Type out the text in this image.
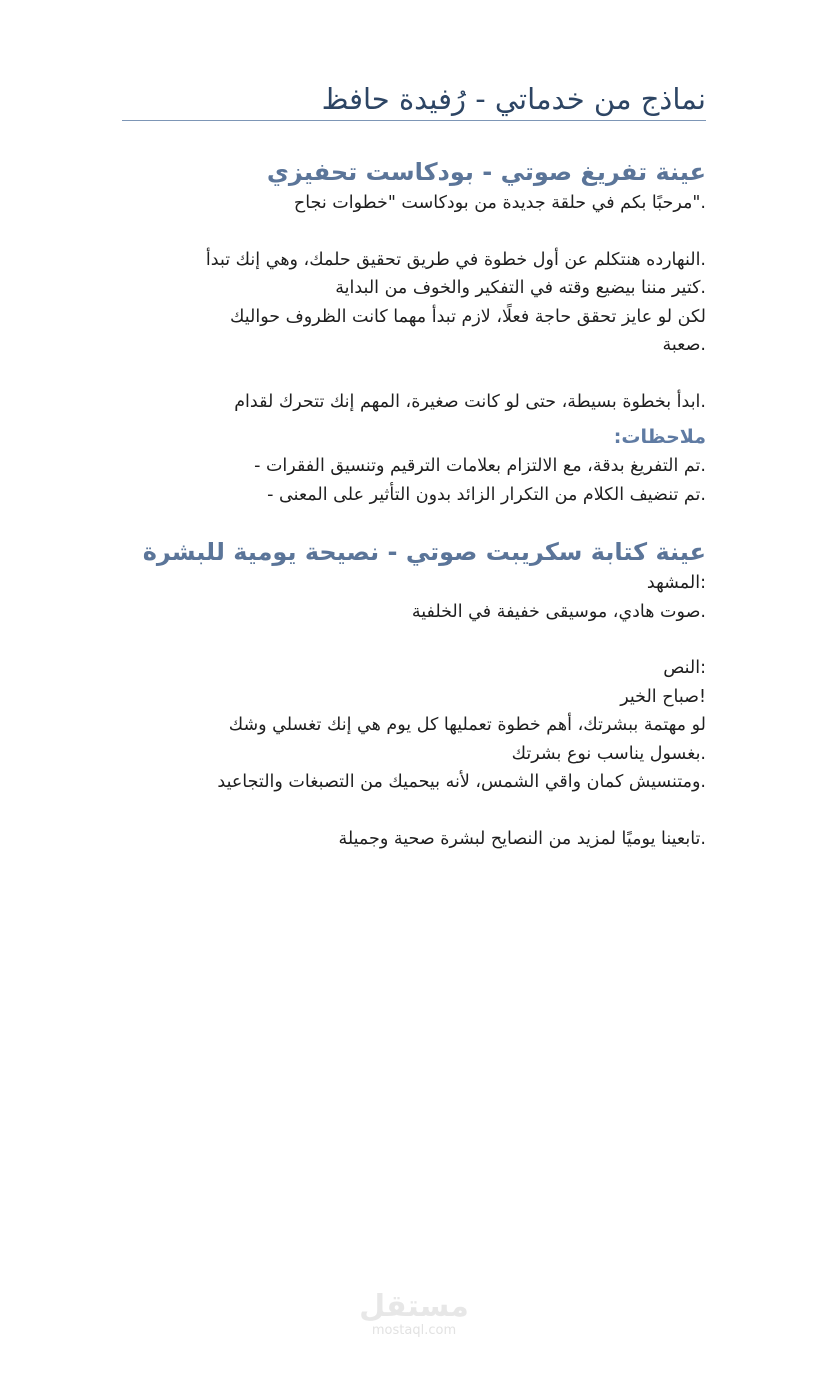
نماذج من خدماتي - رُفيدة حافظ
عينة تفريغ صوتي - بودكاست تحفيزي

."مرحبًا بكم في حلقة جديدة من بودكاست "خطوات نجاح

.النهارده هنتكلم عن أول خطوة في طريق تحقيق حلمك، وهي إنك تبدأ

.كتير مننا بيضيع وقته في التفكير والخوف من البداية

لكن لو عايز تحقق حاجة فعلًا، لازم تبدأ مهما كانت الظروف حواليك

.صعبة

.ابدأ بخطوة بسيطة، حتى لو كانت صغيرة، المهم إنك تتحرك لقدام

ملاحظات:

.تم التفريغ بدقة، مع الالتزام بعلامات الترقيم وتنسيق الفقرات -

.تم تنضيف الكلام من التكرار الزائد بدون التأثير على المعنى -

عينة كتابة سكريبت صوتي - نصيحة يومية للبشرة

:المشهد

.صوت هادي، موسيقى خفيفة في الخلفية

:النص

!صباح الخير

لو مهتمة ببشرتك، أهم خطوة تعمليها كل يوم هي إنك تغسلي وشك

.بغسول يناسب نوع بشرتك

.ومتنسيش كمان واقي الشمس، لأنه بيحميك من التصبغات والتجاعيد

.تابعينا يوميًا لمزيد من النصايح لبشرة صحية وجميلة

مستقل
mostaql.com
